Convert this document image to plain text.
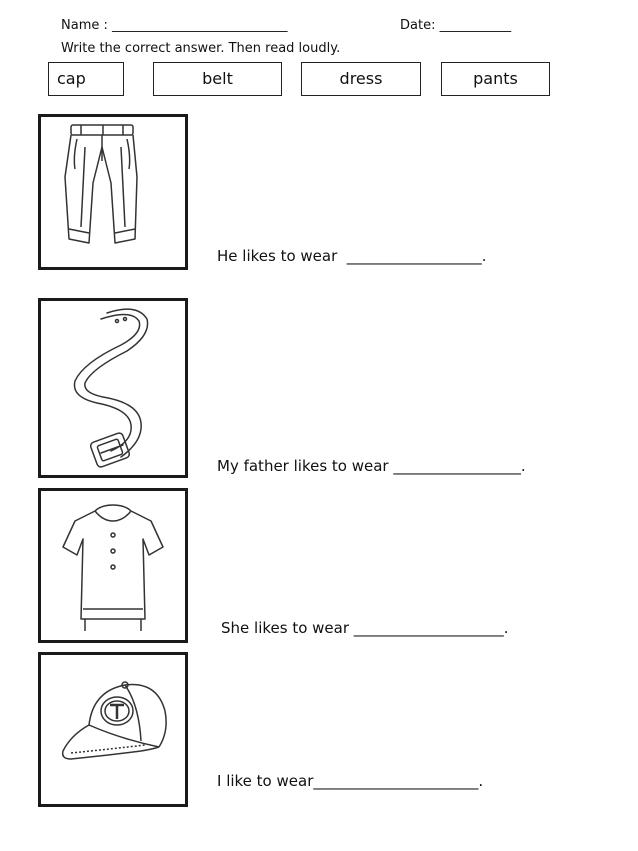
Name : ___________________________	Date: ___________
Write the correct answer. Then read loudly.
cap	belt	dress	pants
He likes to wear  __________________.
My father likes to wear _________________.
She likes to wear ____________________.
I like to wear______________________.
